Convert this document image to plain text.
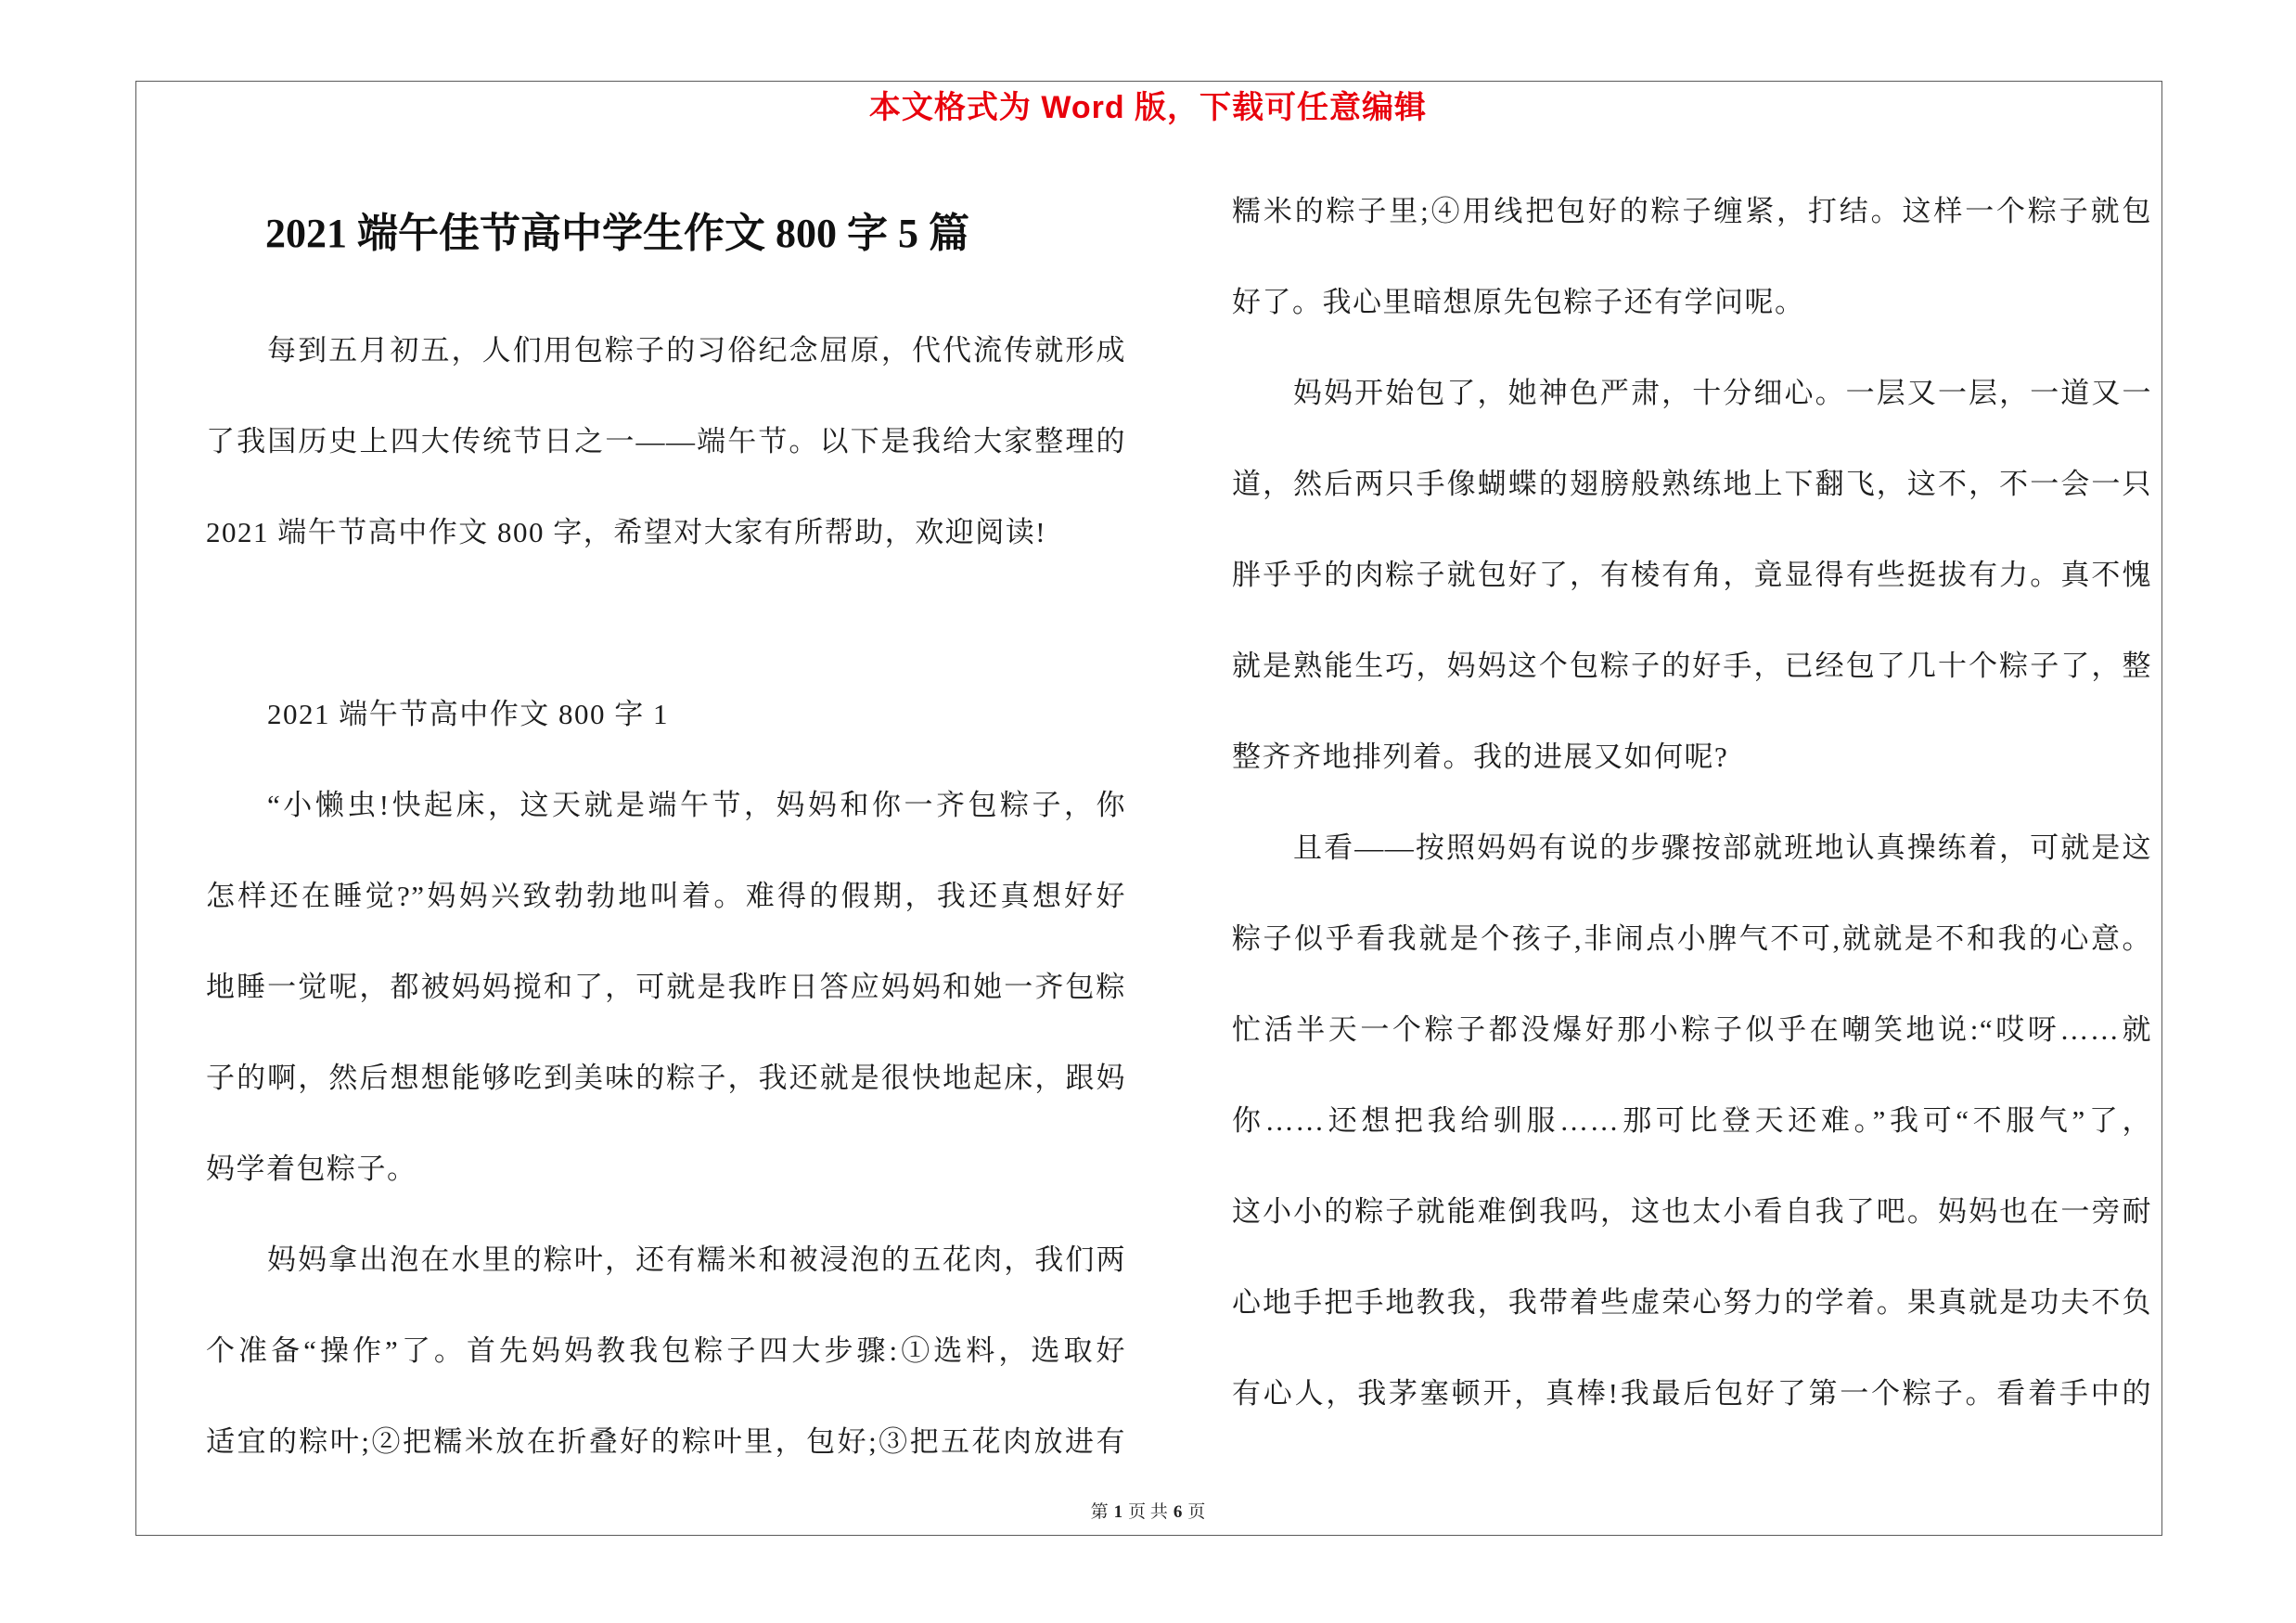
本文格式为 Word 版，下载可任意编辑
2021 端午佳节高中学生作文 800 字 5 篇
每到五月初五，人们用包粽子的习俗纪念屈原，代代流传就形成
了我国历史上四大传统节日之一——端午节。以下是我给大家整理的
2021 端午节高中作文 800 字，希望对大家有所帮助，欢迎阅读!
2021 端午节高中作文 800 字 1
“小懒虫!快起床，这天就是端午节，妈妈和你一齐包粽子，你
怎样还在睡觉?”妈妈兴致勃勃地叫着。难得的假期，我还真想好好
地睡一觉呢，都被妈妈搅和了，可就是我昨日答应妈妈和她一齐包粽
子的啊，然后想想能够吃到美味的粽子，我还就是很快地起床，跟妈
妈学着包粽子。
妈妈拿出泡在水里的粽叶，还有糯米和被浸泡的五花肉，我们两
个准备“操作”了。首先妈妈教我包粽子四大步骤:①选料，选取好
适宜的粽叶;②把糯米放在折叠好的粽叶里，包好;③把五花肉放进有
糯米的粽子里;④用线把包好的粽子缠紧，打结。这样一个粽子就包
好了。我心里暗想原先包粽子还有学问呢。
妈妈开始包了，她神色严肃，十分细心。一层又一层，一道又一
道，然后两只手像蝴蝶的翅膀般熟练地上下翻飞，这不，不一会一只
胖乎乎的肉粽子就包好了，有棱有角，竟显得有些挺拔有力。真不愧
就是熟能生巧，妈妈这个包粽子的好手，已经包了几十个粽子了，整
整齐齐地排列着。我的进展又如何呢?
且看——按照妈妈有说的步骤按部就班地认真操练着，可就是这
粽子似乎看我就是个孩子,非闹点小脾气不可,就就是不和我的心意。
忙活半天一个粽子都没爆好那小粽子似乎在嘲笑地说:“哎呀……就
你……还想把我给驯服……那可比登天还难。”我可“不服气”了，
这小小的粽子就能难倒我吗，这也太小看自我了吧。妈妈也在一旁耐
心地手把手地教我，我带着些虚荣心努力的学着。果真就是功夫不负
有心人，我茅塞顿开，真棒!我最后包好了第一个粽子。看着手中的
第 1 页 共 6 页
